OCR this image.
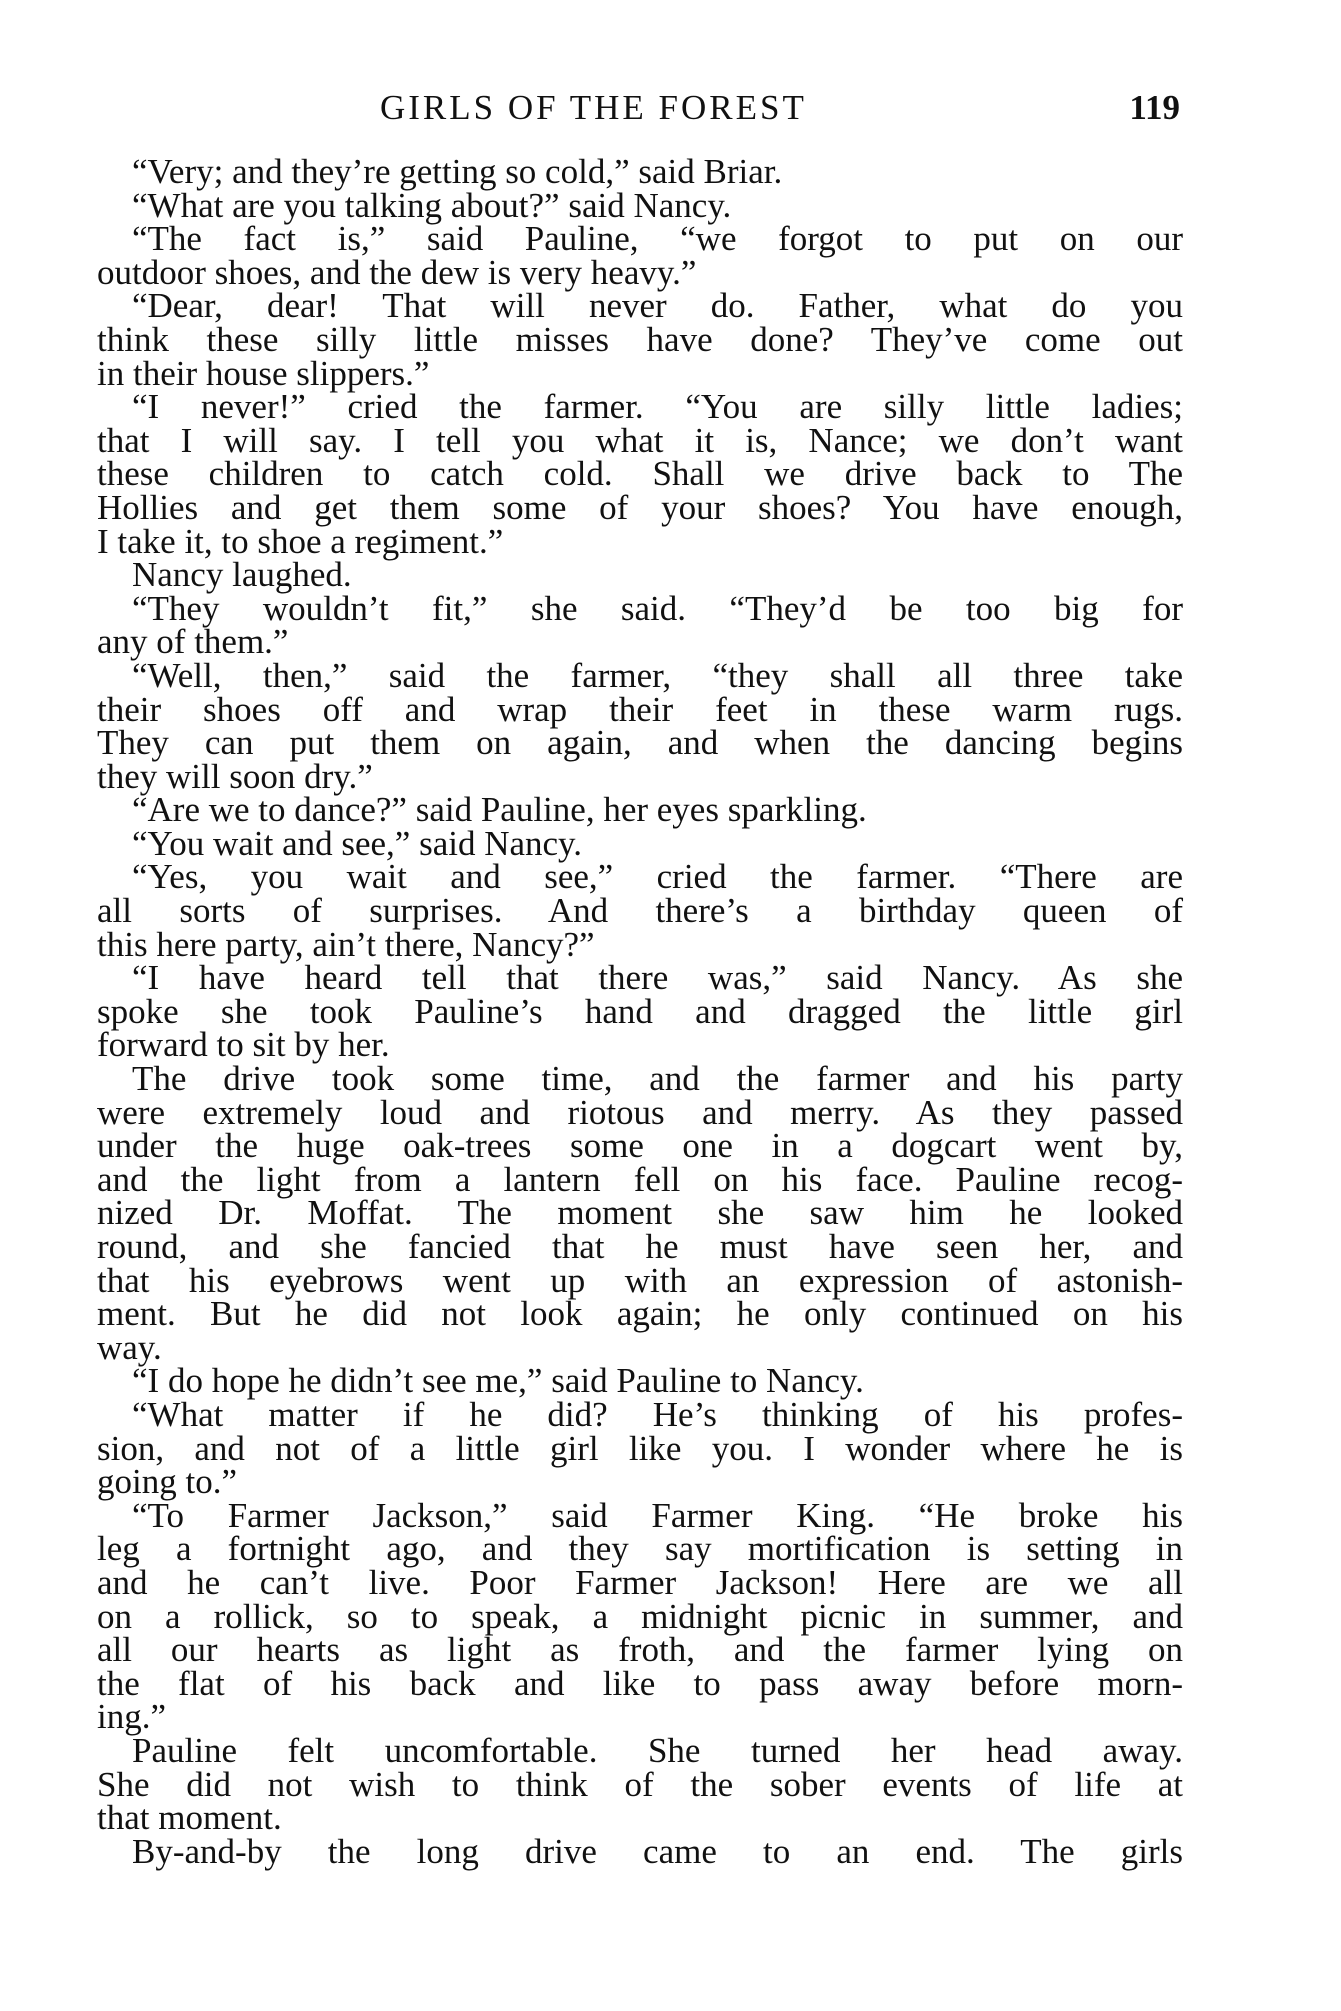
GIRLS OF THE FOREST	119
“Very; and they’re getting so cold,” said Briar.
“What are you talking about?” said Nancy.
“The fact is,” said Pauline, “we forgot to put on our
outdoor shoes, and the dew is very heavy.”
“Dear, dear! That will never do. Father, what do you
think these silly little misses have done? They’ve come out
in their house slippers.”
“I never!” cried the farmer. “You are silly little ladies;
that I will say. I tell you what it is, Nance; we don’t want
these children to catch cold. Shall we drive back to The
Hollies and get them some of your shoes? You have enough,
I take it, to shoe a regiment.”
Nancy laughed.
“They wouldn’t fit,” she said. “They’d be too big for
any of them.”
“Well, then,” said the farmer, “they shall all three take
their shoes off and wrap their feet in these warm rugs.
They can put them on again, and when the dancing begins
they will soon dry.”
“Are we to dance?” said Pauline, her eyes sparkling.
“You wait and see,” said Nancy.
“Yes, you wait and see,” cried the farmer. “There are
all sorts of surprises. And there’s a birthday queen of
this here party, ain’t there, Nancy?”
“I have heard tell that there was,” said Nancy. As she
spoke she took Pauline’s hand and dragged the little girl
forward to sit by her.
The drive took some time, and the farmer and his party
were extremely loud and riotous and merry. As they passed
under the huge oak-trees some one in a dogcart went by,
and the light from a lantern fell on his face. Pauline recog-
nized Dr. Moffat. The moment she saw him he looked
round, and she fancied that he must have seen her, and
that his eyebrows went up with an expression of astonish-
ment. But he did not look again; he only continued on his
way.
“I do hope he didn’t see me,” said Pauline to Nancy.
“What matter if he did? He’s thinking of his profes-
sion, and not of a little girl like you. I wonder where he is
going to.”
“To Farmer Jackson,” said Farmer King. “He broke his
leg a fortnight ago, and they say mortification is setting in
and he can’t live. Poor Farmer Jackson! Here are we all
on a rollick, so to speak, a midnight picnic in summer, and
all our hearts as light as froth, and the farmer lying on
the flat of his back and like to pass away before morn-
ing.”
Pauline felt uncomfortable. She turned her head away.
She did not wish to think of the sober events of life at
that moment.
By-and-by the long drive came to an end. The girls
